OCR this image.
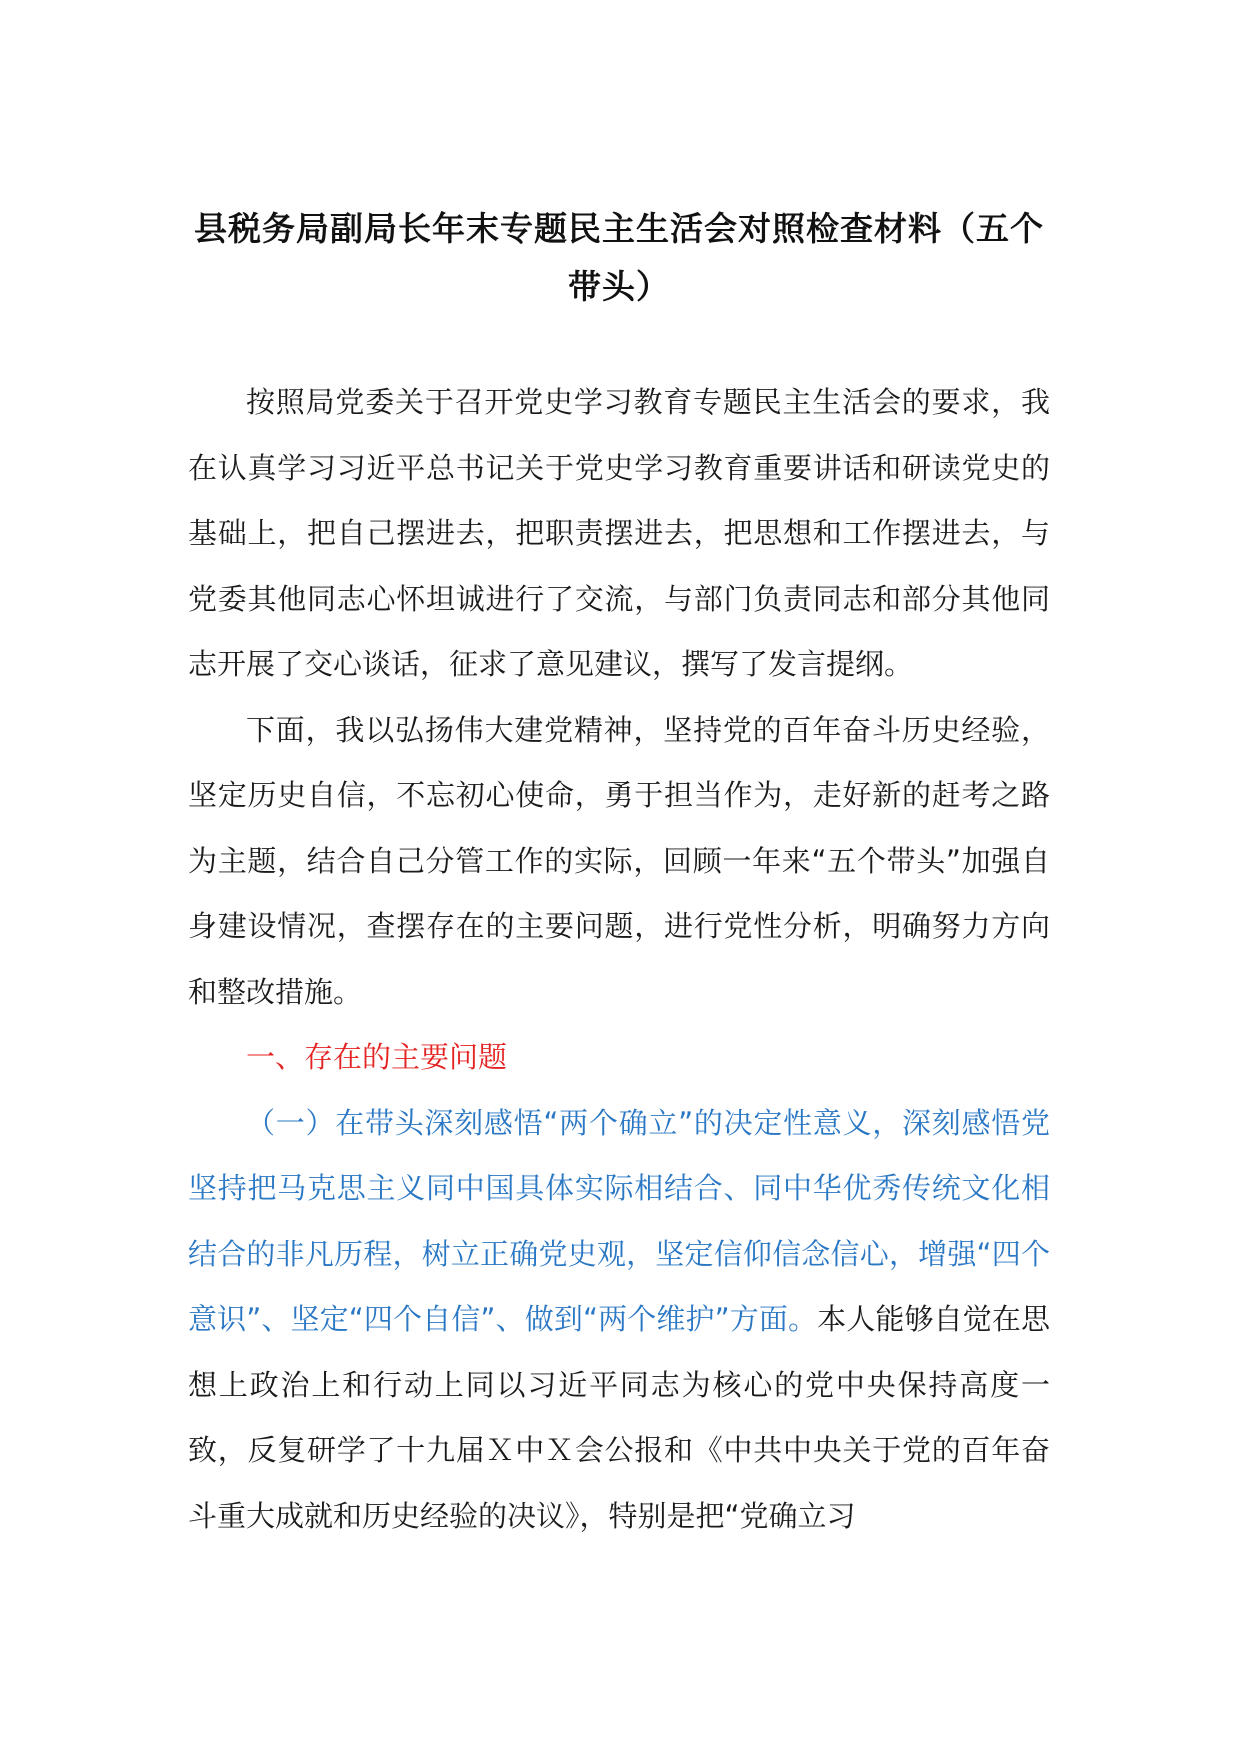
县税务局副局长年末专题民主生活会对照检查材料（五个带头）

按照局党委关于召开党史学习教育专题民主生活会的要求，我在认真学习习近平总书记关于党史学习教育重要讲话和研读党史的基础上，把自己摆进去，把职责摆进去，把思想和工作摆进去，与党委其他同志心怀坦诚进行了交流，与部门负责同志和部分其他同志开展了交心谈话，征求了意见建议，撰写了发言提纲。

下面，我以弘扬伟大建党精神，坚持党的百年奋斗历史经验，坚定历史自信，不忘初心使命，勇于担当作为，走好新的赶考之路为主题，结合自己分管工作的实际，回顾一年来“五个带头”加强自身建设情况，查摆存在的主要问题，进行党性分析，明确努力方向和整改措施。

一、存在的主要问题

（一）在带头深刻感悟“两个确立”的决定性意义，深刻感悟党坚持把马克思主义同中国具体实际相结合、同中华优秀传统文化相结合的非凡历程，树立正确党史观，坚定信仰信念信心，增强“四个意识”、坚定“四个自信”、做到“两个维护”方面。本人能够自觉在思想上政治上和行动上同以习近平同志为核心的党中央保持高度一致，反复研学了十九届Ｘ中Ｘ会公报和《中共中央关于党的百年奋斗重大成就和历史经验的决议》，特别是把“党确立习
